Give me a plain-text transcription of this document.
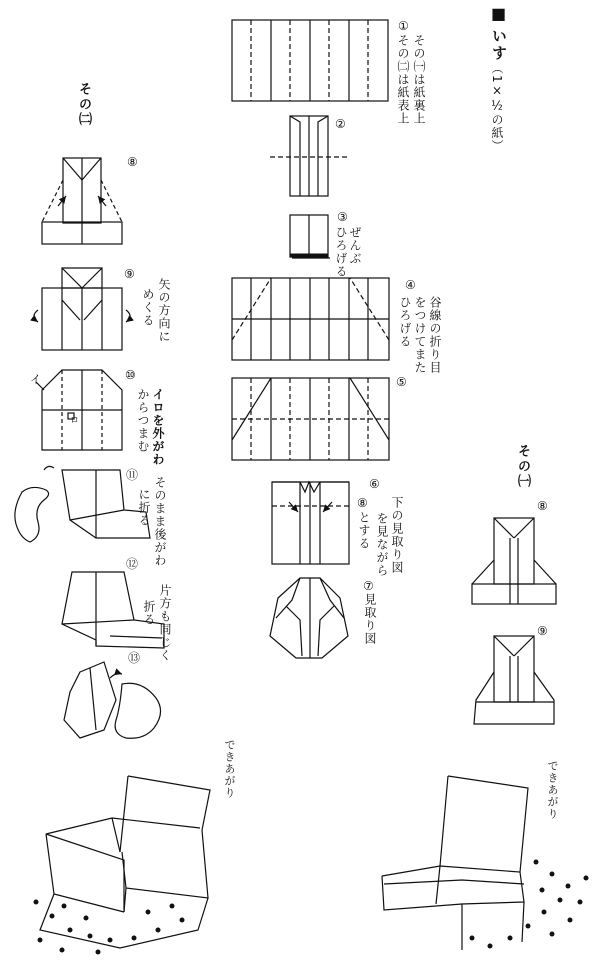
■
いす
（1×½の紙）
その㈡
その㈠
①
その㈠は紙裏上
その㈡は紙表上
②
③
ぜんぶ
ひろげる
④
谷線の折り目
をつけてまた
ひろげる
⑤
⑥
下の見取り図
を見ながら
⑧
とする
⑦
見取り図
⑧
⑨
矢の方向に
めくる
⑩
イロを外がわ
からつまむ
イ
ロ
⑪
そのまま後がわ
に折る
⑫
片方も同じく
折る
⑬
⑧
⑨
できあがり	できあがり
